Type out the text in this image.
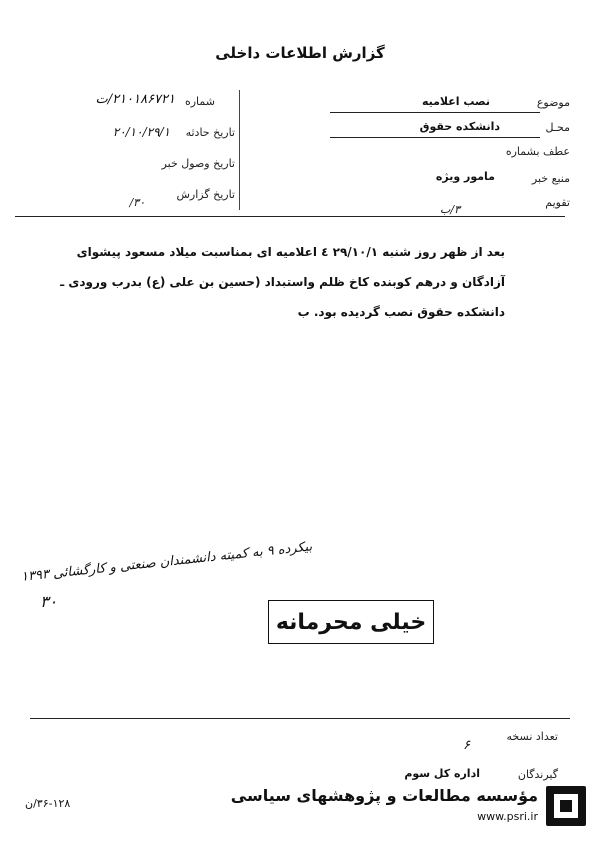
گزارش اطلاعات داخلی
موضوع
نصب اعلامیه
محـل
دانشکده حقوق
عطف بشماره
منبع خبر
مامور ویژه
تقویم
۳/ب
شماره
۲۱۰۱۸۶۷۲۱/ت
تاریخ حادثه
۲۰/۱۰/۲۹/۱
تاریخ وصول خبر
تاریخ گزارش
۳۰/
بعد از ظهر روز شنبه ۲۹/۱۰/۱ ٤ اعلامیه ای بمناسبت میلاد مسعود پیشوای
آزادگان و درهم کوبنده کاخ ظلم واستبداد (حسین بن علی (ع) بدرب ورودی ـ
دانشکده حقوق نصب گردیده بود. ب
بیکرده ۹ به کمیته دانشمندان صنعتی و کارگشائی ۱۳۹۳
۳۰
خیلی محرمانه
تعداد نسخه
۶
گیرندگان
اداره کل سوم
۳۶-۱۲۸/ن	مؤسسه مطالعات و پژوهشهای سیاسی
www.psri.ir
